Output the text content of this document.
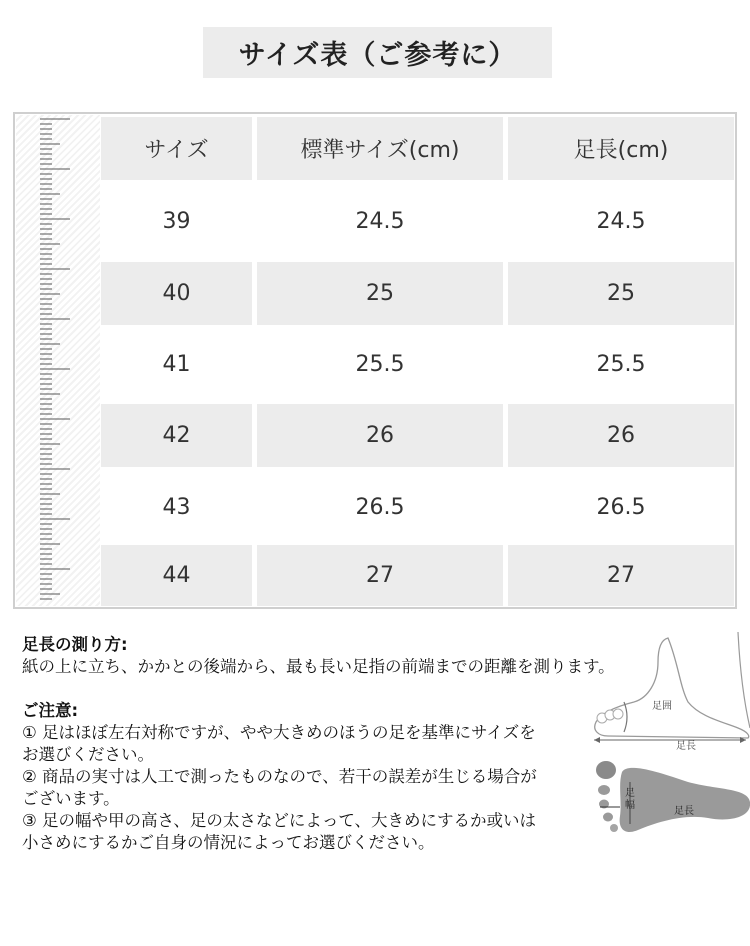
サイズ表（ご参考に）
サイズ	標準サイズ(cm)	足長(cm)
39	24.5	24.5
40	25	25
41	25.5	25.5
42	26	26
43	26.5	26.5
44	27	27
足長の測り方:
紙の上に立ち、かかとの後端から、最も長い足指の前端までの距離を測ります。
ご注意:
① 足はほぼ左右対称ですが、やや大きめのほうの足を基準にサイズを
お選びください。
② 商品の実寸は人工で測ったものなので、若干の誤差が生じる場合が
ございます。
③ 足の幅や甲の高さ、足の太さなどによって、大きめにするか或いは
小さめにするかご自身の情況によってお選びください。
足囲
足長
足幅
足長
